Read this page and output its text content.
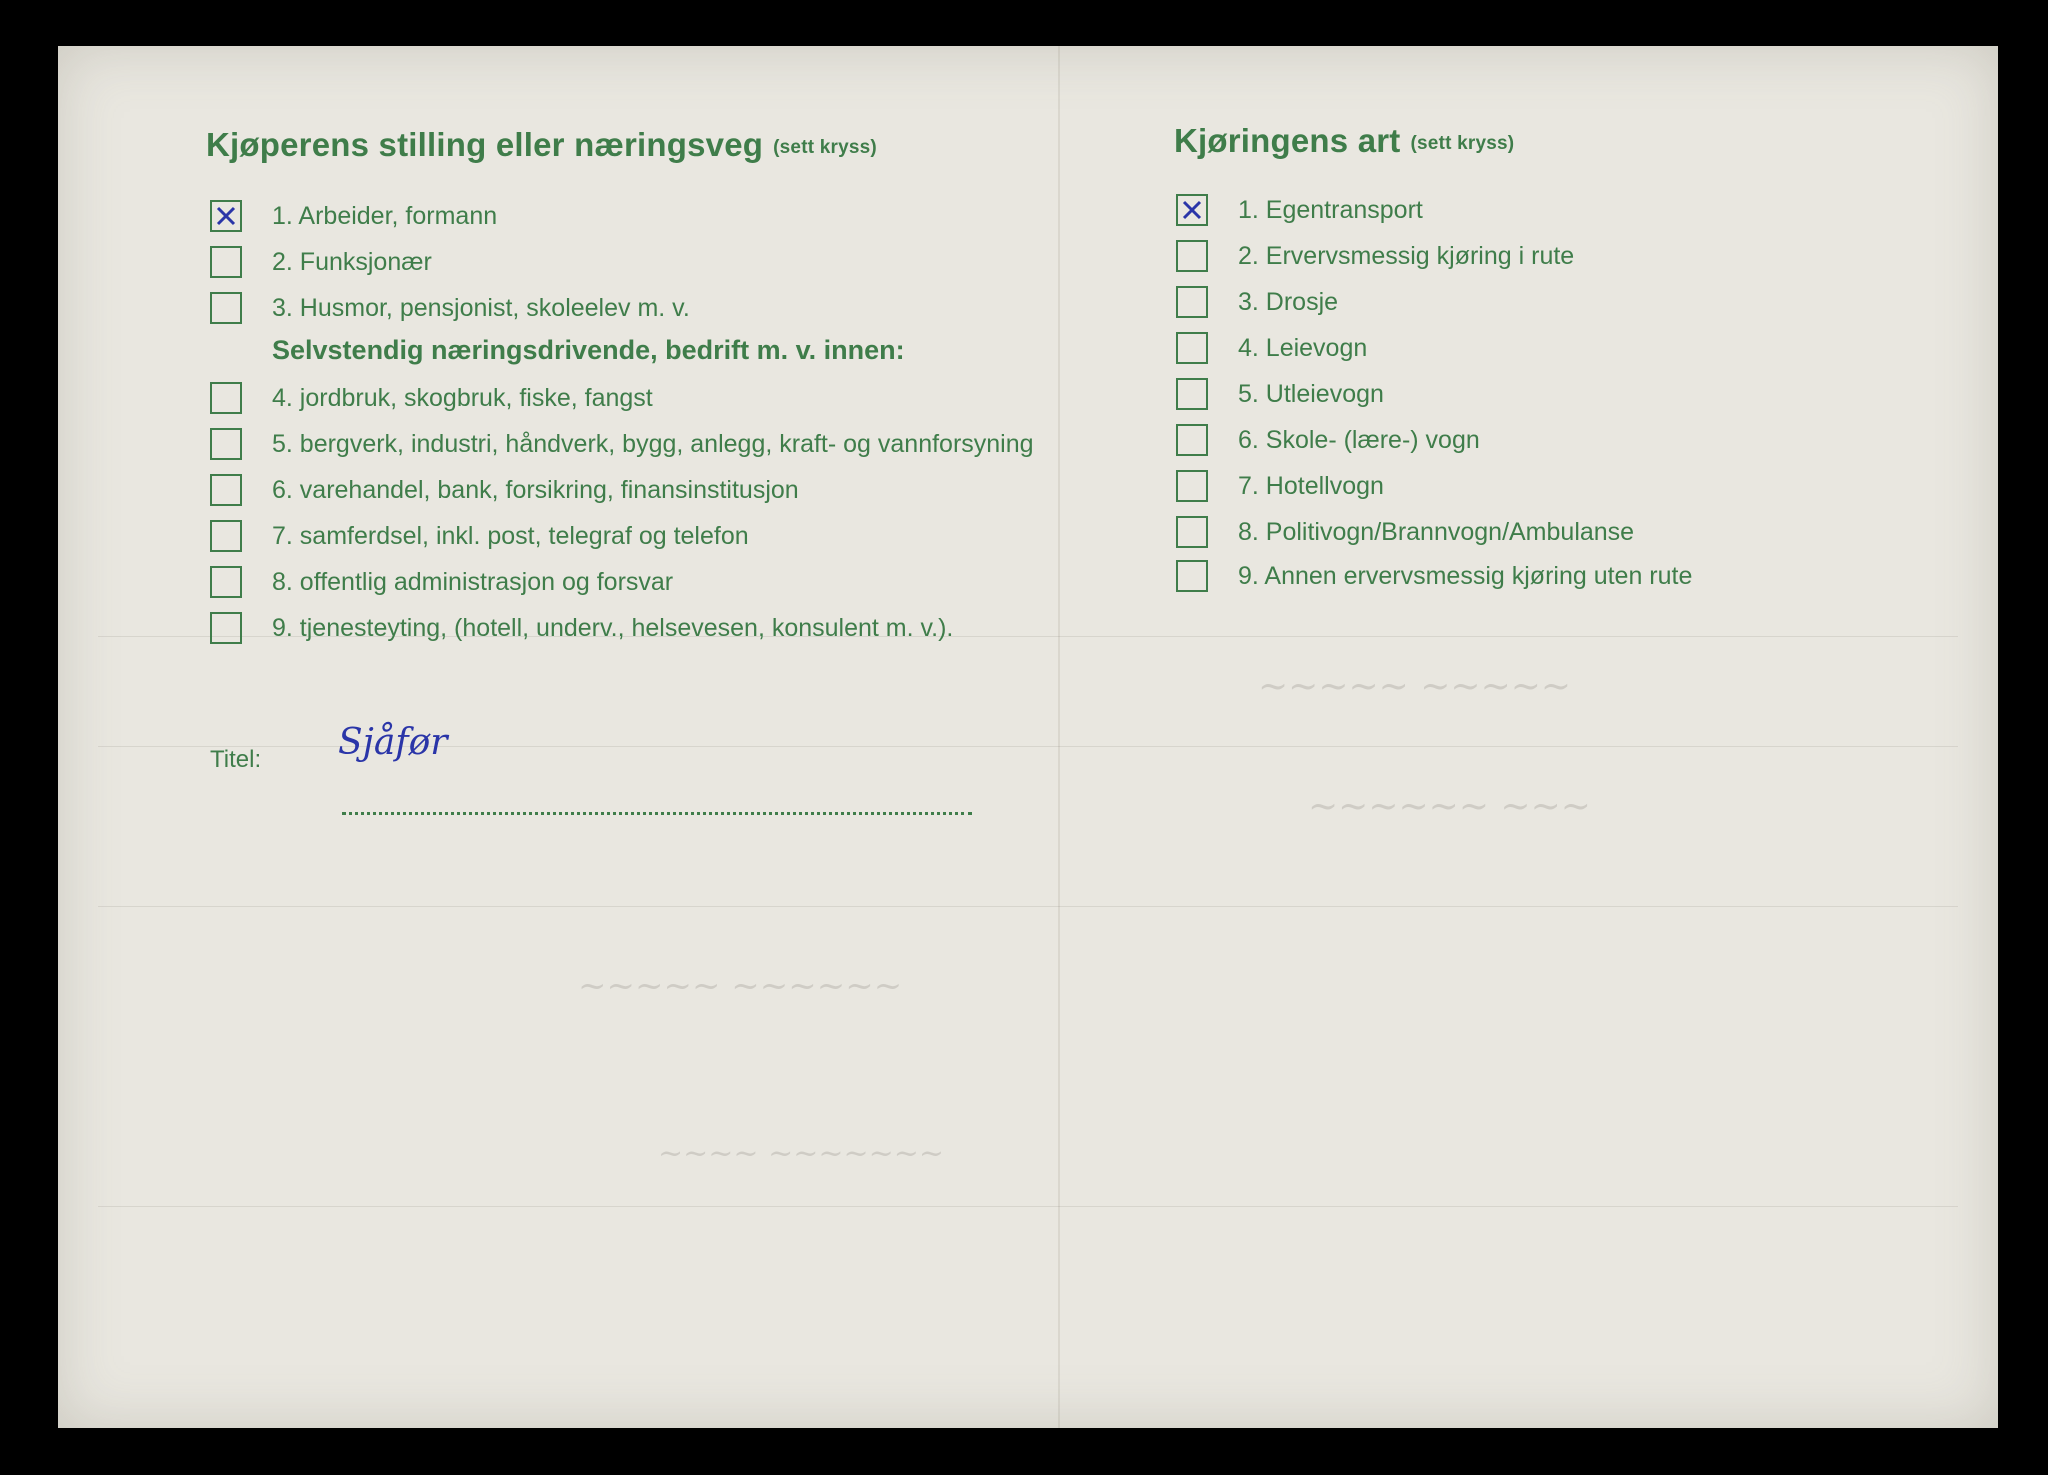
~~~~~ ~~~~~
~~~~~ ~~~~~~
~~~~~~ ~~~
~~~~ ~~~~~~~
Kjøperens stilling eller næringsveg (sett kryss)
1. Arbeider, formann
2. Funksjonær
3. Husmor, pensjonist, skoleelev m. v.
Selvstendig næringsdrivende, bedrift m. v. innen:
4. jordbruk, skogbruk, fiske, fangst
5. bergverk, industri, håndverk, bygg, anlegg, kraft- og vannforsyning
6. varehandel, bank, forsikring, finansinstitusjon
7. samferdsel, inkl. post, telegraf og telefon
8. offentlig administrasjon og forsvar
9. tjenesteyting, (hotell, underv., helsevesen, konsulent m. v.).
Titel: Sjåfør
Kjøringens art (sett kryss)
1. Egentransport
2. Ervervsmessig kjøring i rute
3. Drosje
4. Leievogn
5. Utleievogn
6. Skole- (lære-) vogn
7. Hotellvogn
8. Politivogn/Brannvogn/Ambulanse
9. Annen ervervsmessig kjøring uten rute
